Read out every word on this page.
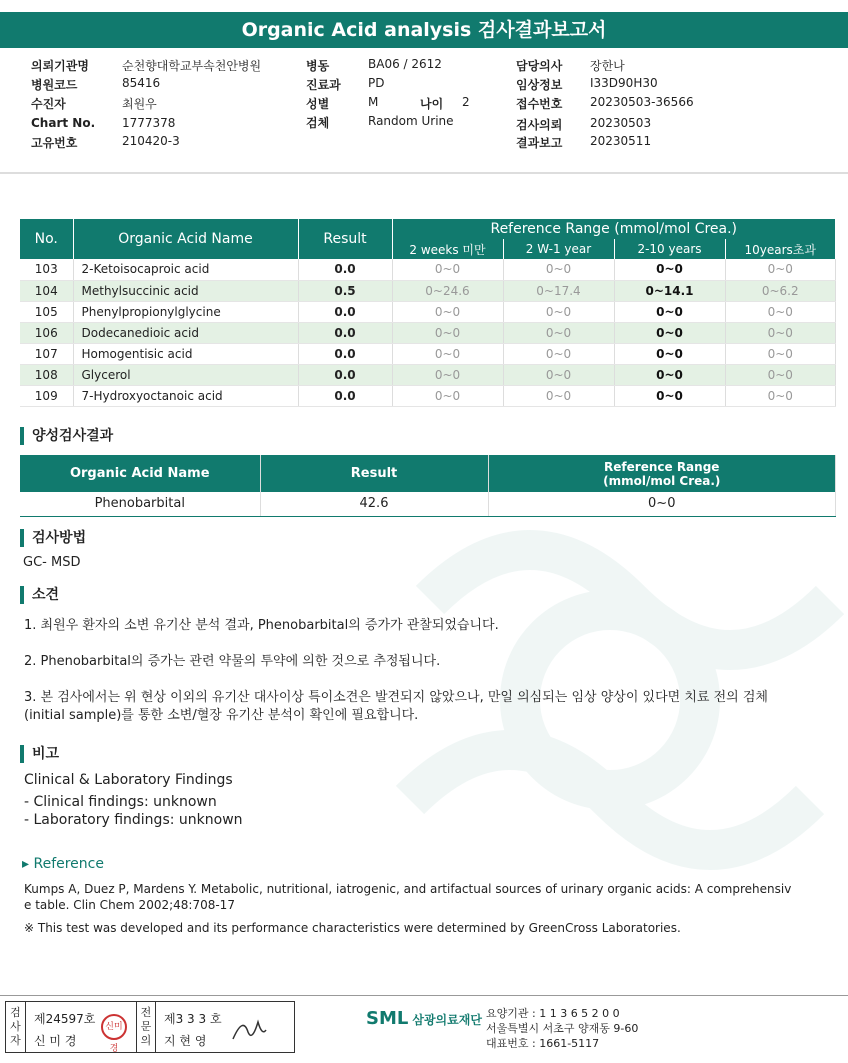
Organic Acid analysis 검사결과보고서
의뢰기관명	순천향대학교부속천안병원
병원코드	85416
수진자	최원우
Chart No. 1777378
고유번호	210420-3
병동	BA06 / 2612
진료과 PD
성별	M	나이 2
검체	Random Urine
담당의사 장한나
임상정보 I33D90H30
접수번호 20230503-36566
검사의뢰 20230503
결과보고 20230511
No.	Organic Acid Name	Result	Reference Range (mmol/mol Crea.)			
			2 weeks 미만	2 W-1 year	2-10 years	10years초과
103	2-Ketoisocaproic acid	0.0	0~0	0~0	0~0	0~0
104	Methylsuccinic acid	0.5	0~24.6	0~17.4	0~14.1	0~6.2
105	Phenylpropionylglycine	0.0	0~0	0~0	0~0	0~0
106	Dodecanedioic acid	0.0	0~0	0~0	0~0	0~0
107	Homogentisic acid	0.0	0~0	0~0	0~0	0~0
108	Glycerol	0.0	0~0	0~0	0~0	0~0
109	7-Hydroxyoctanoic acid	0.0	0~0	0~0	0~0	0~0
양성검사결과
Organic Acid Name	Result	Reference Range
(mmol/mol Crea.)

Phenobarbital	42.6	0~0
검사방법
GC- MSD
소견
1. 최원우 환자의 소변 유기산 분석 결과, Phenobarbital의 증가가 관찰되었습니다.
2. Phenobarbital의 증가는 관련 약물의 투약에 의한 것으로 추정됩니다.
3. 본 검사에서는 위 현상 이외의 유기산 대사이상 특이소견은 발견되지 않았으나, 만일 의심되는 임상 양상이 있다면 치료 전의 검체
(initial sample)를 통한 소변/혈장 유기산 분석이 확인에 필요합니다.
비고
Clinical & Laboratory Findings
- Clinical findings: unknown
- Laboratory findings: unknown
▸ Reference
Kumps A, Duez P, Mardens Y. Metabolic, nutritional, iatrogenic, and artifactual sources of urinary organic acids: A comprehensiv
e table. Clin Chem 2002;48:708-17
※ This test was developed and its performance characteristics were determined by GreenCross Laboratories.
검
사
자
제24597호
신 미 경
신미경
전
문
의
제3 3 3 호
지 현 영
SML 삼광의료재단 요양기관 : 1 1 3 6 5 2 0 0
서울특별시 서초구 양재동 9-60
대표번호 : 1661-5117
